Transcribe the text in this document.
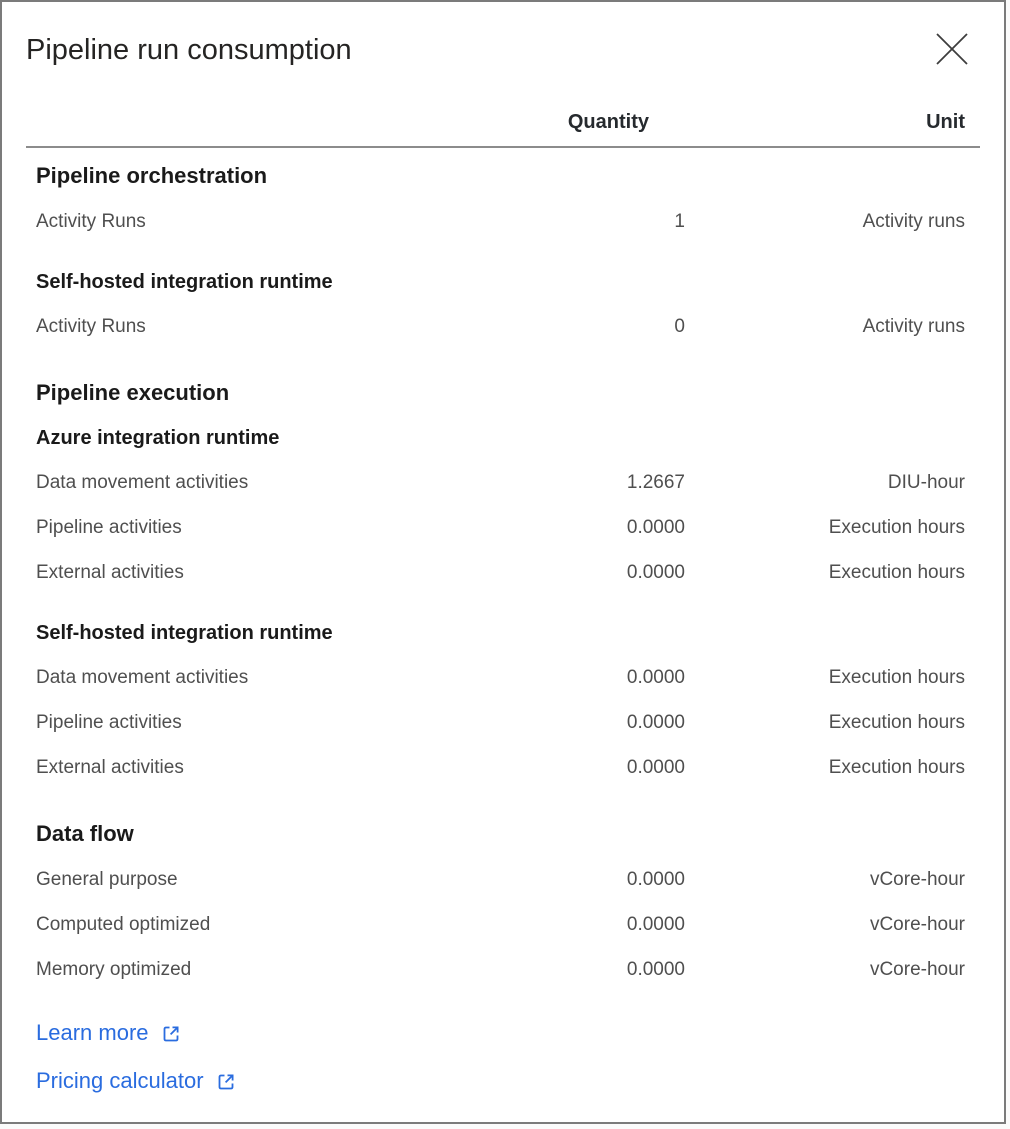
Pipeline run consumption
Quantity	Unit
Pipeline orchestration
Activity Runs	1	Activity runs
Self-hosted integration runtime
Activity Runs	0	Activity runs
Pipeline execution
Azure integration runtime
Data movement activities	1.2667	DIU-hour
Pipeline activities	0.0000	Execution hours
External activities	0.0000	Execution hours
Self-hosted integration runtime
Data movement activities	0.0000	Execution hours
Pipeline activities	0.0000	Execution hours
External activities	0.0000	Execution hours
Data flow
General purpose	0.0000	vCore-hour
Computed optimized	0.0000	vCore-hour
Memory optimized	0.0000	vCore-hour
Learn more
Pricing calculator
